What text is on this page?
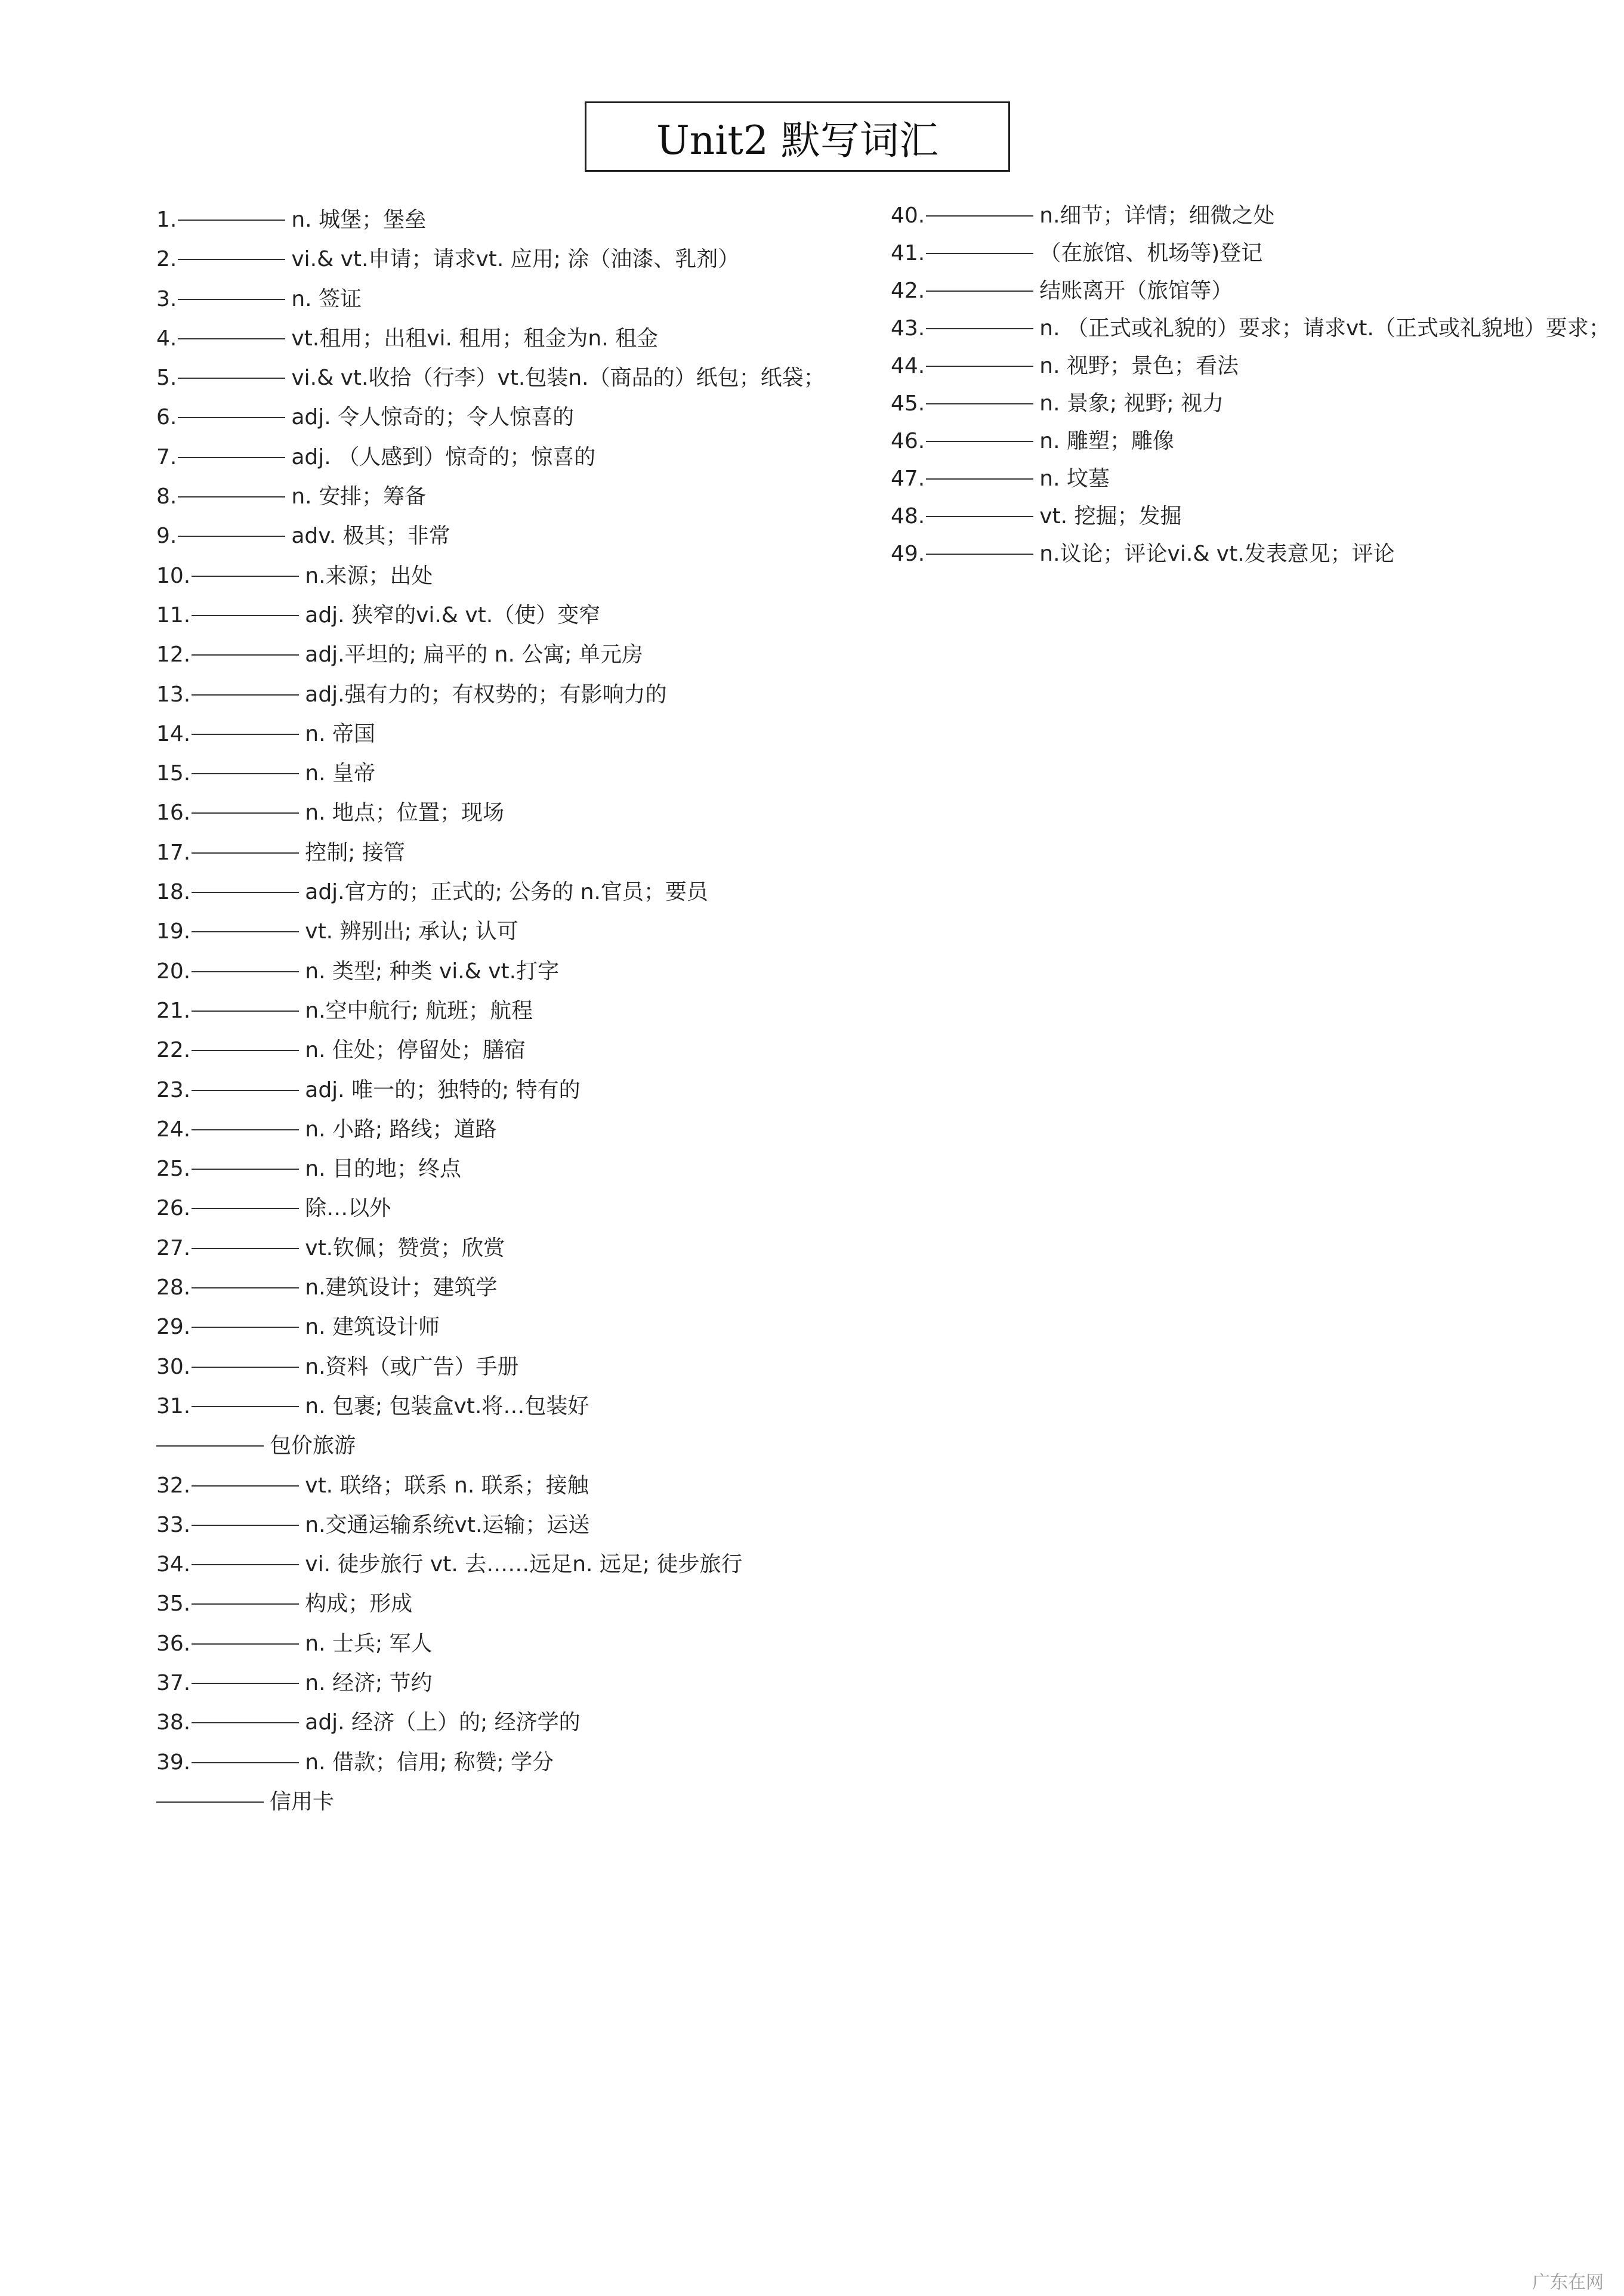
Unit2 默写词汇
1.	n. 城堡；堡垒
2.	vi.& vt.申请；请求vt. 应用; 涂（油漆、乳剂）
3.	n. 签证
4.	vt.租用；出租vi. 租用；租金为n. 租金
5.	vi.& vt.收拾（行李）vt.包装n.（商品的）纸包；纸袋；
6.	adj. 令人惊奇的；令人惊喜的
7.	adj. （人感到）惊奇的；惊喜的
8.	n. 安排；筹备
9.	adv. 极其；非常
10.	n.来源；出处
11.	adj. 狭窄的vi.& vt.（使）变窄
12.	adj.平坦的; 扁平的 n. 公寓; 单元房
13.	adj.强有力的；有权势的；有影响力的
14.	n. 帝国
15.	n. 皇帝
16.	n. 地点；位置；现场
17.	控制; 接管
18.	adj.官方的；正式的; 公务的 n.官员；要员
19.	vt. 辨别出; 承认; 认可
20.	n. 类型; 种类 vi.& vt.打字
21.	n.空中航行; 航班；航程
22.	n. 住处；停留处；膳宿
23.	adj. 唯一的；独特的; 特有的
24.	n. 小路; 路线；道路
25.	n. 目的地；终点
26.	除…以外
27.	vt.钦佩；赞赏；欣赏
28.	n.建筑设计；建筑学
29.	n. 建筑设计师
30.	n.资料（或广告）手册
31.	n. 包裹; 包装盒vt.将…包装好
包价旅游
32.	vt. 联络；联系 n. 联系；接触
33.	n.交通运输系统vt.运输；运送
34.	vi. 徒步旅行 vt. 去……远足n. 远足; 徒步旅行
35.	构成；形成
36.	n. 士兵; 军人
37.	n. 经济; 节约
38.	adj. 经济（上）的; 经济学的
39.	n. 借款；信用; 称赞; 学分
信用卡
40.	n.细节；详情；细微之处
41.	（在旅馆、机场等)登记
42.	结账离开（旅馆等）
43.	n. （正式或礼貌的）要求；请求vt.（正式或礼貌地）要求；
44.	n. 视野；景色；看法
45.	n. 景象; 视野; 视力
46.	n. 雕塑；雕像
47.	n. 坟墓
48.	vt. 挖掘；发掘
49.	n.议论；评论vi.& vt.发表意见；评论
广东在网
